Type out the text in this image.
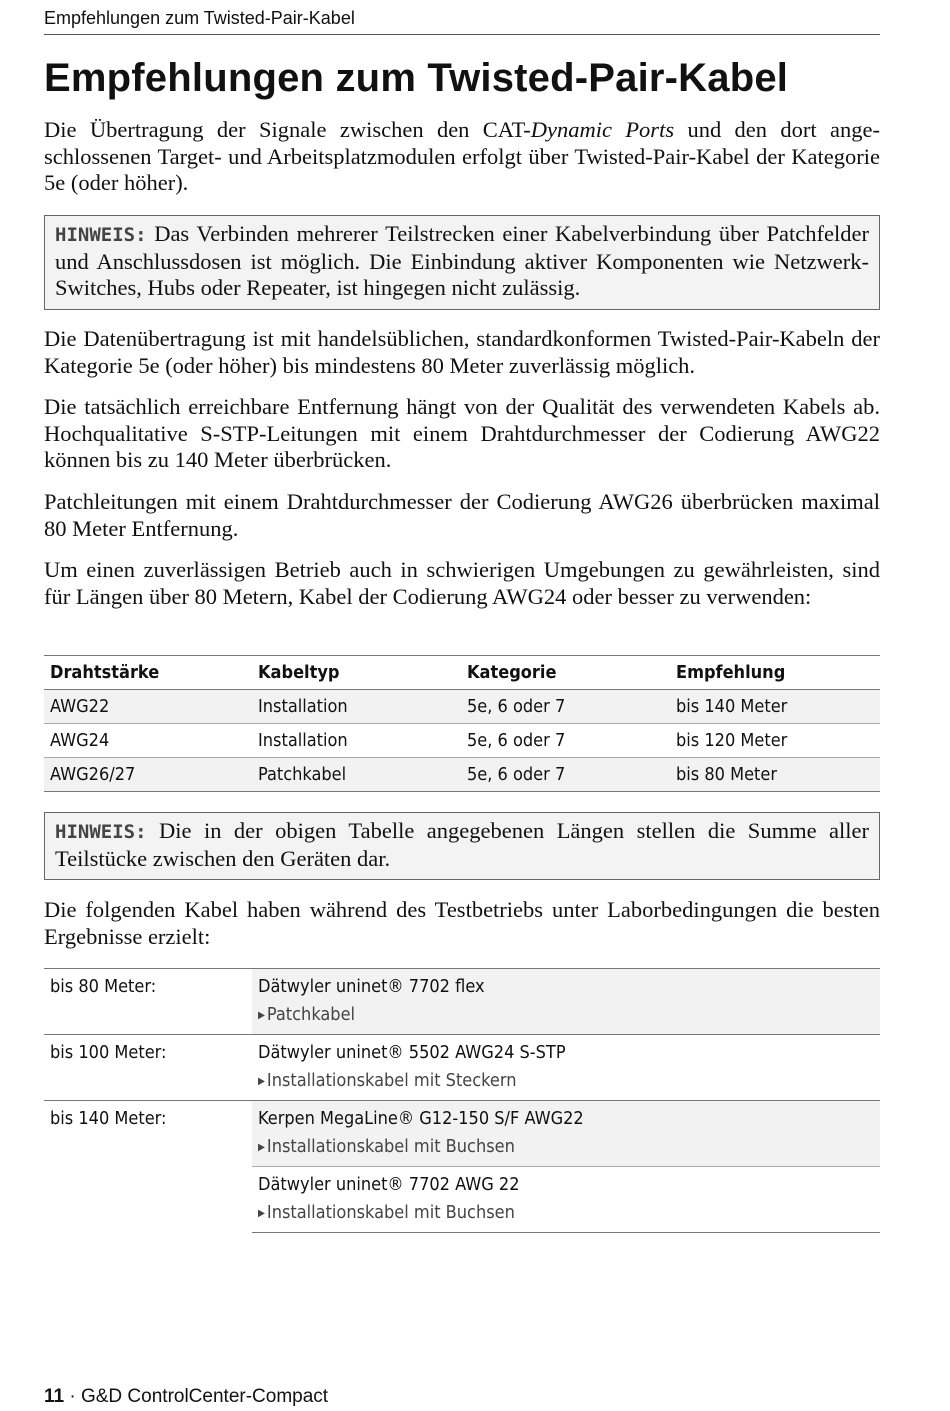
Empfehlungen zum Twisted-Pair-Kabel
Empfehlungen zum Twisted-Pair-Kabel

Die Übertragung der Signale zwischen den CAT-Dynamic Ports und den dort angeschlossenen Target- und Arbeitsplatzmodulen erfolgt über Twisted-Pair-Kabel der Kategorie 5e (oder höher).

HINWEIS: Das Verbinden mehrerer Teilstrecken einer Kabelverbindung über Patchfelder und Anschlussdosen ist möglich. Die Einbindung aktiver Komponenten wie Netzwerk-Switches, Hubs oder Repeater, ist hingegen nicht zulässig.

Die Datenübertragung ist mit handelsüblichen, standardkonformen Twisted-Pair-Kabeln der Kategorie 5e (oder höher) bis mindestens 80 Meter zuverlässig möglich.

Die tatsächlich erreichbare Entfernung hängt von der Qualität des verwendeten Kabels ab. Hochqualitative S-STP-Leitungen mit einem Drahtdurchmesser der Codierung AWG22 können bis zu 140 Meter überbrücken.

Patchleitungen mit einem Drahtdurchmesser der Codierung AWG26 überbrücken maximal 80 Meter Entfernung.

Um einen zuverlässigen Betrieb auch in schwierigen Umgebungen zu gewährleisten, sind für Längen über 80 Metern, Kabel der Codierung AWG24 oder besser zu verwenden:

Drahtstärke	Kabeltyp	Kategorie	Empfehlung
AWG22	Installation	5e, 6 oder 7	bis 140 Meter
AWG24	Installation	5e, 6 oder 7	bis 120 Meter
AWG26/27	Patchkabel	5e, 6 oder 7	bis 80 Meter
HINWEIS: Die in der obigen Tabelle angegebenen Längen stellen die Summe aller Teilstücke zwischen den Geräten dar.

Die folgenden Kabel haben während des Testbetriebs unter Laborbedingungen die besten Ergebnisse erzielt:

bis 80 Meter:	Dätwyler uninet® 7702 flex
▶ Patchkabel

bis 100 Meter:	Dätwyler uninet® 5502 AWG24 S-STP
▶ Installationskabel mit Steckern

bis 140 Meter:	Kerpen MegaLine® G12-150 S/F AWG22
▶ Installationskabel mit Buchsen

	Dätwyler uninet® 7702 AWG 22
▶ Installationskabel mit Buchsen
11 · G&D ControlCenter-Compact
